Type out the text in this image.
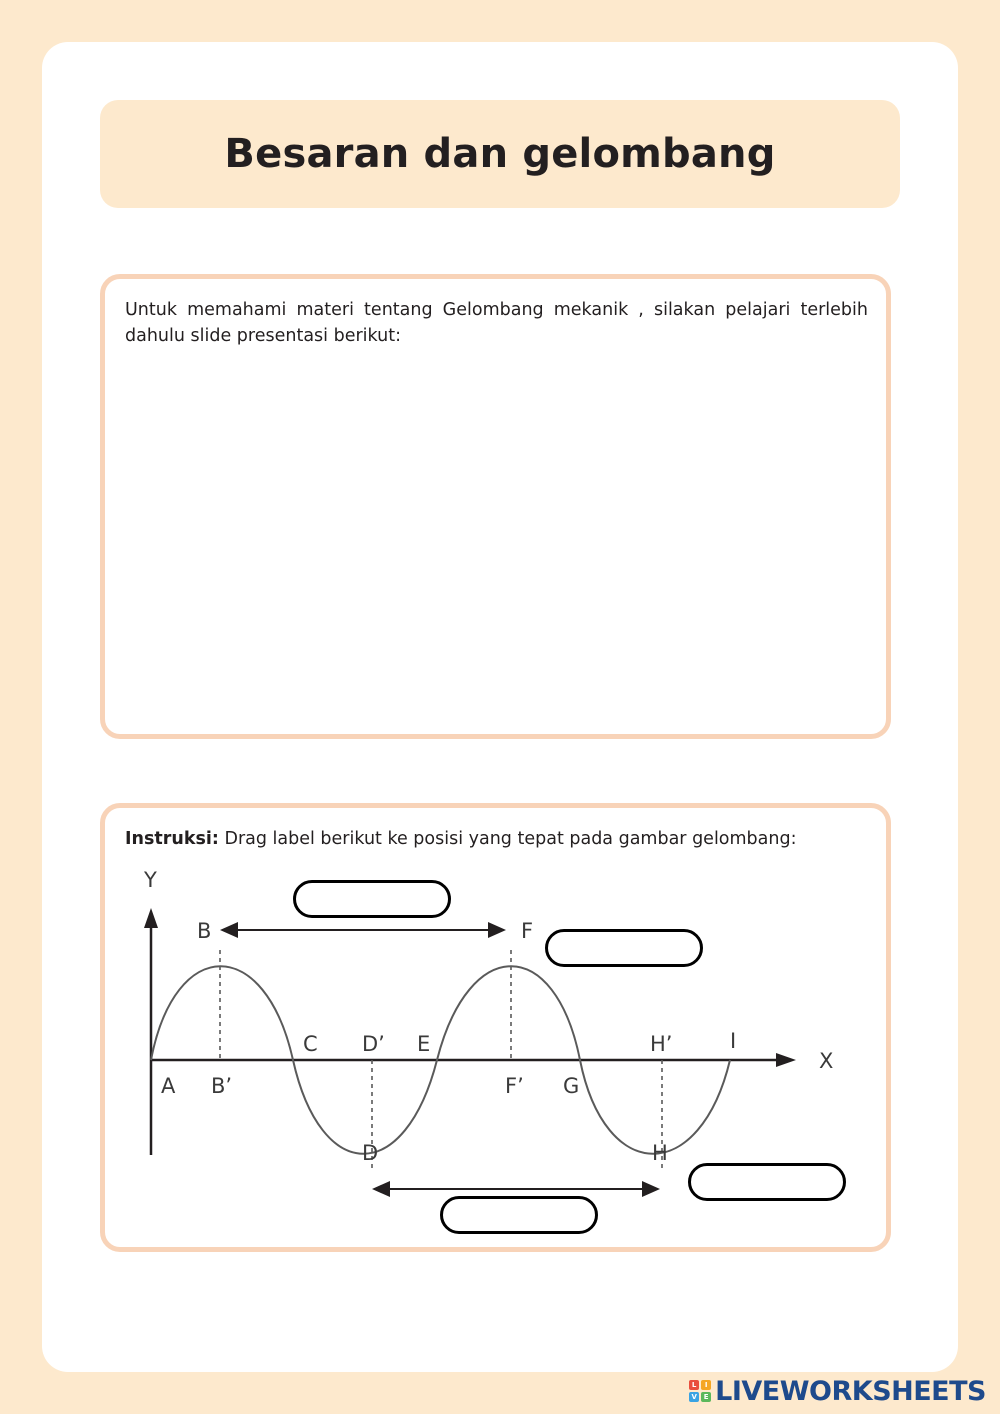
Besaran dan gelombang
Untuk memahami materi tentang Gelombang mekanik , silakan pelajari terlebih dahulu slide presentasi berikut:
Instruksi: Drag label berikut ke posisi yang tepat pada gambar gelombang:
Y
X
A
B
B’
C D’
D
E
F
F’ G
H’
H
I
L	I
V E LIVEWORKSHEETS
